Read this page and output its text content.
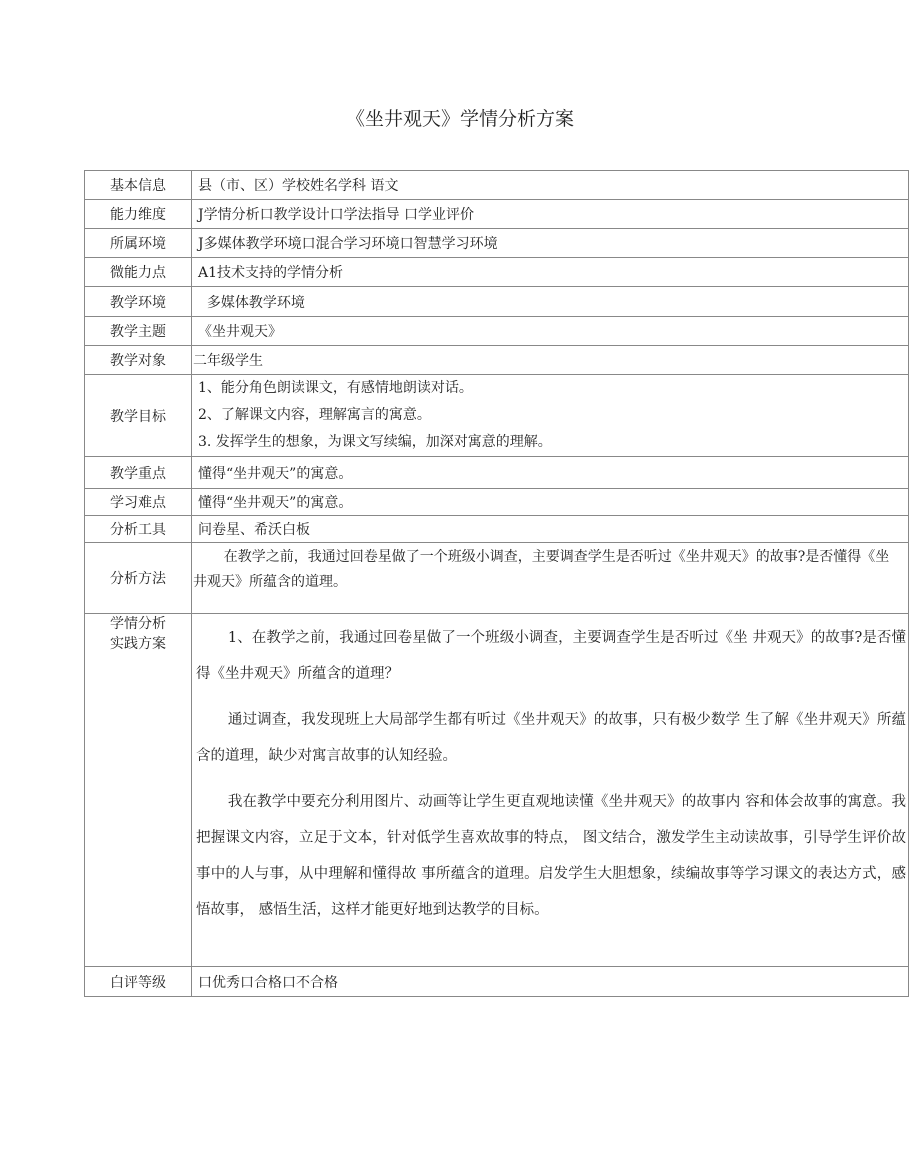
《坐井观天》学情分析方案
基本信息	县（市、区）学校姓名学科 语文
能力维度	J学情分析口教学设计口学法指导 口学业评价
所属环境	J多媒体教学环境口混合学习环境口智慧学习环境
微能力点	A1技术支持的学情分析
教学环境	多媒体教学环境
教学主题	《坐井观天》
教学对象	二年级学生
教学目标	1、能分角色朗读课文，有感情地朗读对话。
2、了解课文内容，理解寓言的寓意。
3. 发挥学生的想象，为课文写续编，加深对寓意的理解。

教学重点	懂得“坐井观天”的寓意。
学习难点	懂得“坐井观天”的寓意。
分析工具	问卷星、希沃白板
分析方法	在教学之前，我通过回卷星做了一个班级小调查，主要调查学生是否听过《坐井观天》的故事?是否懂得《坐井观天》所蕴含的道理。
学情分析实践方案	1、在教学之前，我通过回卷星做了一个班级小调查，主要调查学生是否听过《坐 井观天》的故事?是否懂得《坐井观天》所蕴含的道理？

通过调查，我发现班上大局部学生都有听过《坐井观天》的故事，只有极少数学 生了解《坐井观天》所蕴含的道理，缺少对寓言故事的认知经验。

我在教学中要充分利用图片、动画等让学生更直观地读懂《坐井观天》的故事内 容和体会故事的寓意。我把握课文内容，立足于文本，针对低学生喜欢故事的特点， 图文结合，激发学生主动读故事，引导学生评价故事中的人与事，从中理解和懂得故 事所蕴含的道理。启发学生大胆想象，续编故事等学习课文的表达方式，感悟故事， 感悟生活，这样才能更好地到达教学的目标。

白评等级	口优秀口合格口不合格
